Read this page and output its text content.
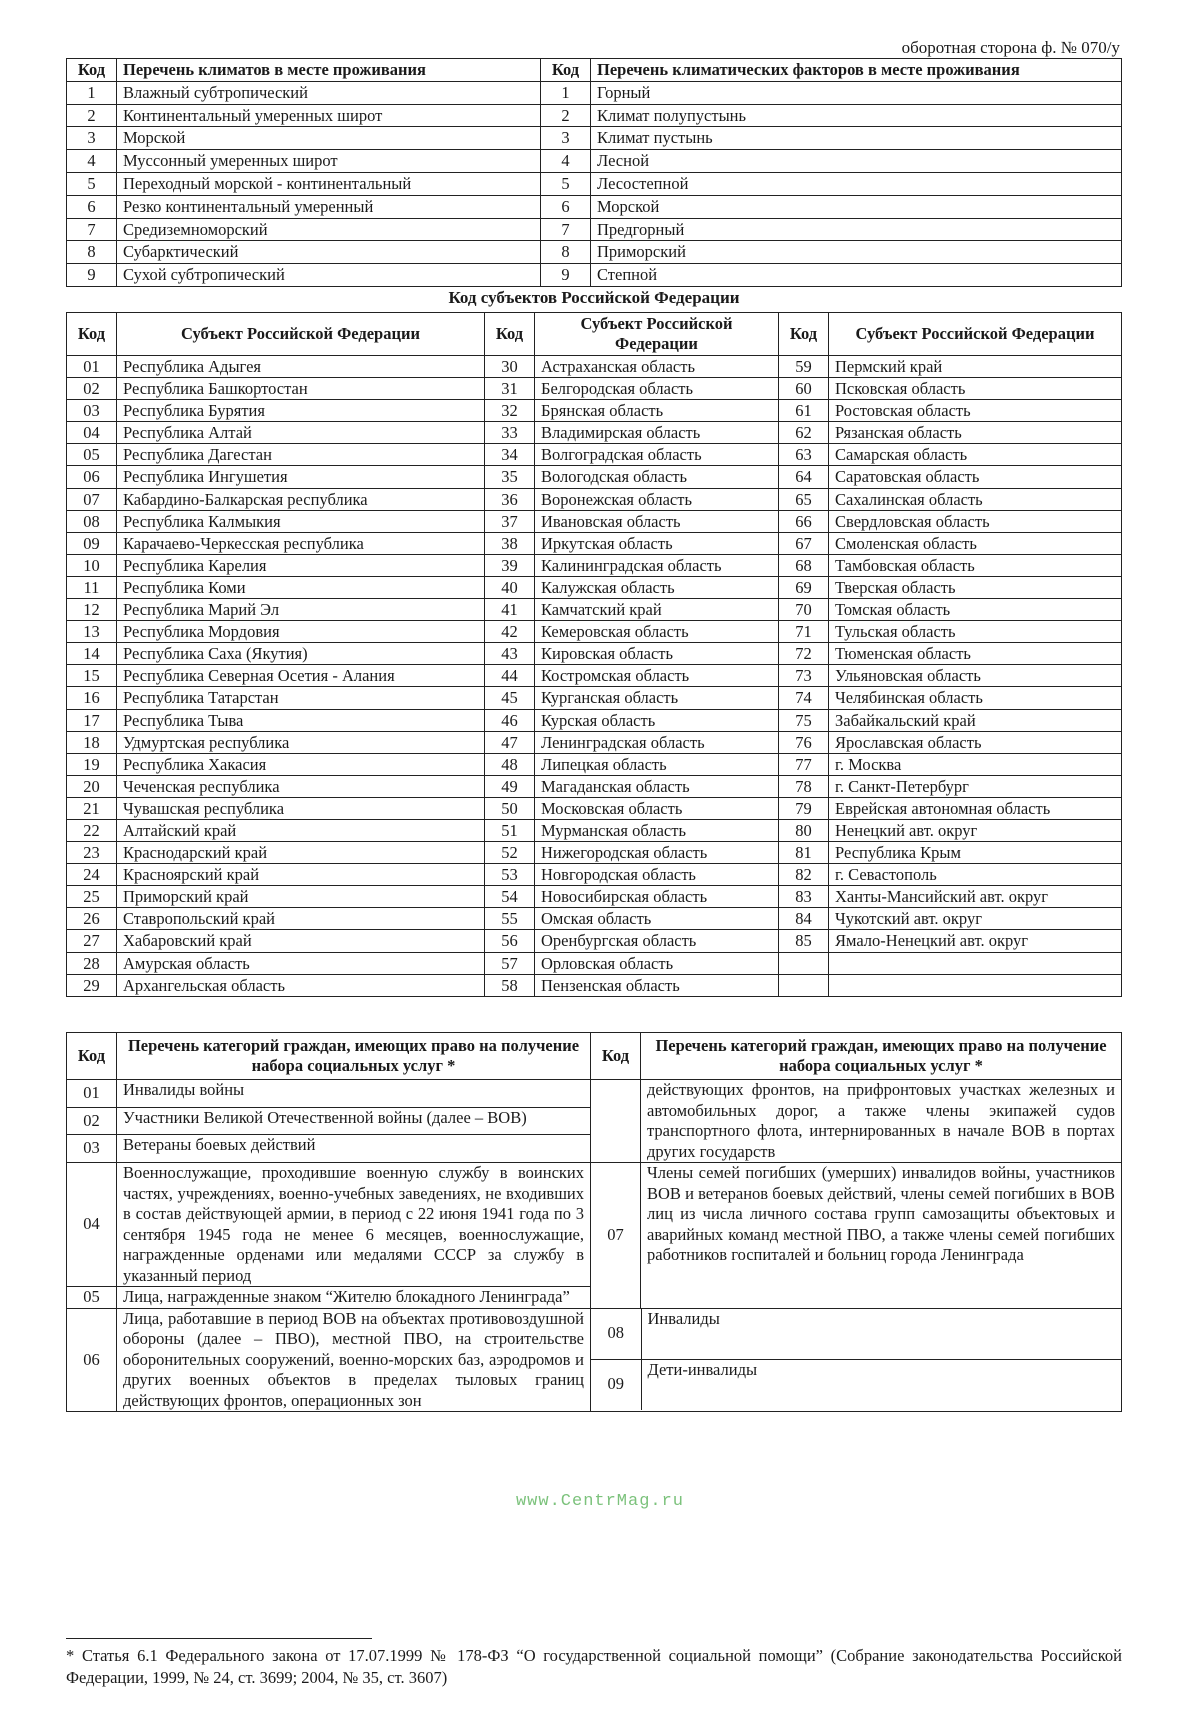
оборотная сторона ф. № 070/у
Код	Перечень климатов в месте проживания	Код	Перечень климатических факторов в месте проживания
1	Влажный субтропический	1	Горный
2	Континентальный умеренных широт	2	Климат полупустынь
3	Морской	3	Климат пустынь
4	Муссонный умеренных широт	4	Лесной
5	Переходный морской - континентальный	5	Лесостепной
6	Резко континентальный умеренный	6	Морской
7	Средиземноморский	7	Предгорный
8	Субарктический	8	Приморский
9	Сухой субтропический	9	Степной
Код субъектов Российской Федерации
Код	Субъект Российской Федерации	Код	Субъект Российской Федерации	Код	Субъект Российской Федерации
01	Республика Адыгея	30	Астраханская область	59	Пермский край
02	Республика Башкортостан	31	Белгородская область	60	Псковская область
03	Республика Бурятия	32	Брянская область	61	Ростовская область
04	Республика Алтай	33	Владимирская область	62	Рязанская область
05	Республика Дагестан	34	Волгоградская область	63	Самарская область
06	Республика Ингушетия	35	Вологодская область	64	Саратовская область
07	Кабардино-Балкарская республика	36	Воронежская область	65	Сахалинская область
08	Республика Калмыкия	37	Ивановская область	66	Свердловская область
09	Карачаево-Черкесская республика	38	Иркутская область	67	Смоленская область
10	Республика Карелия	39	Калининградская область	68	Тамбовская область
11	Республика Коми	40	Калужская область	69	Тверская область
12	Республика Марий Эл	41	Камчатский край	70	Томская область
13	Республика Мордовия	42	Кемеровская область	71	Тульская область
14	Республика Саха (Якутия)	43	Кировская область	72	Тюменская область
15	Республика Северная Осетия - Алания	44	Костромская область	73	Ульяновская область
16	Республика Татарстан	45	Курганская область	74	Челябинская область
17	Республика Тыва	46	Курская область	75	Забайкальский край
18	Удмуртская республика	47	Ленинградская область	76	Ярославская область
19	Республика Хакасия	48	Липецкая область	77	г. Москва
20	Чеченская республика	49	Магаданская область	78	г. Санкт-Петербург
21	Чувашская республика	50	Московская область	79	Еврейская автономная область
22	Алтайский край	51	Мурманская область	80	Ненецкий авт. округ
23	Краснодарский край	52	Нижегородская область	81	Республика Крым
24	Красноярский край	53	Новгородская область	82	г. Севастополь
25	Приморский край	54	Новосибирская область	83	Ханты-Мансийский авт. округ
26	Ставропольский край	55	Омская область	84	Чукотский авт. округ
27	Хабаровский край	56	Оренбургская область	85	Ямало-Ненецкий авт. округ
28	Амурская область	57	Орловская область		
29	Архангельская область	58	Пензенская область		
Код	Перечень категорий граждан, имеющих право на получение набора социальных услуг *	Код	Перечень категорий граждан, имеющих право на получение набора социальных услуг *
01	Инвалиды войны		действующих фронтов, на прифронтовых участках железных и автомобильных дорог, а также члены экипажей судов транспортного флота, интернированных в начале ВОВ в портах других государств
02	Участники Великой Отечественной войны (далее – ВОВ)
03	Ветераны боевых действий
04	Военнослужащие, проходившие военную службу в воинских частях, учреждениях, военно-учебных заведениях, не входивших в состав действующей армии, в период с 22 июня 1941 года по 3 сентября 1945 года не менее 6 месяцев, военнослужащие, награжденные орденами или медалями СССР за службу в указанный период	07	Члены семей погибших (умерших) инвалидов войны, участников ВОВ и ветеранов боевых действий, члены семей погибших в ВОВ лиц из числа личного состава групп самозащиты объектовых и аварийных команд местной ПВО, а также члены семей погибших работников госпиталей и больниц города Ленинграда
05	Лица, награжденные знаком “Жителю блокадного Ленинграда”
06	Лица, работавшие в период ВОВ на объектах противовоздушной обороны (далее – ПВО), местной ПВО, на строительстве оборонительных сооружений, военно-морских баз, аэродромов и других военных объектов в пределах тыловых границ действующих фронтов, операционных зон	
08	Инвалиды
09	Дети-инвалиды
www.CentrMag.ru
* Статья 6.1 Федерального закона от 17.07.1999 № 178-ФЗ “О государственной социальной помощи” (Собрание законодательства Российской Федерации, 1999, № 24, ст. 3699; 2004, № 35, ст. 3607)
